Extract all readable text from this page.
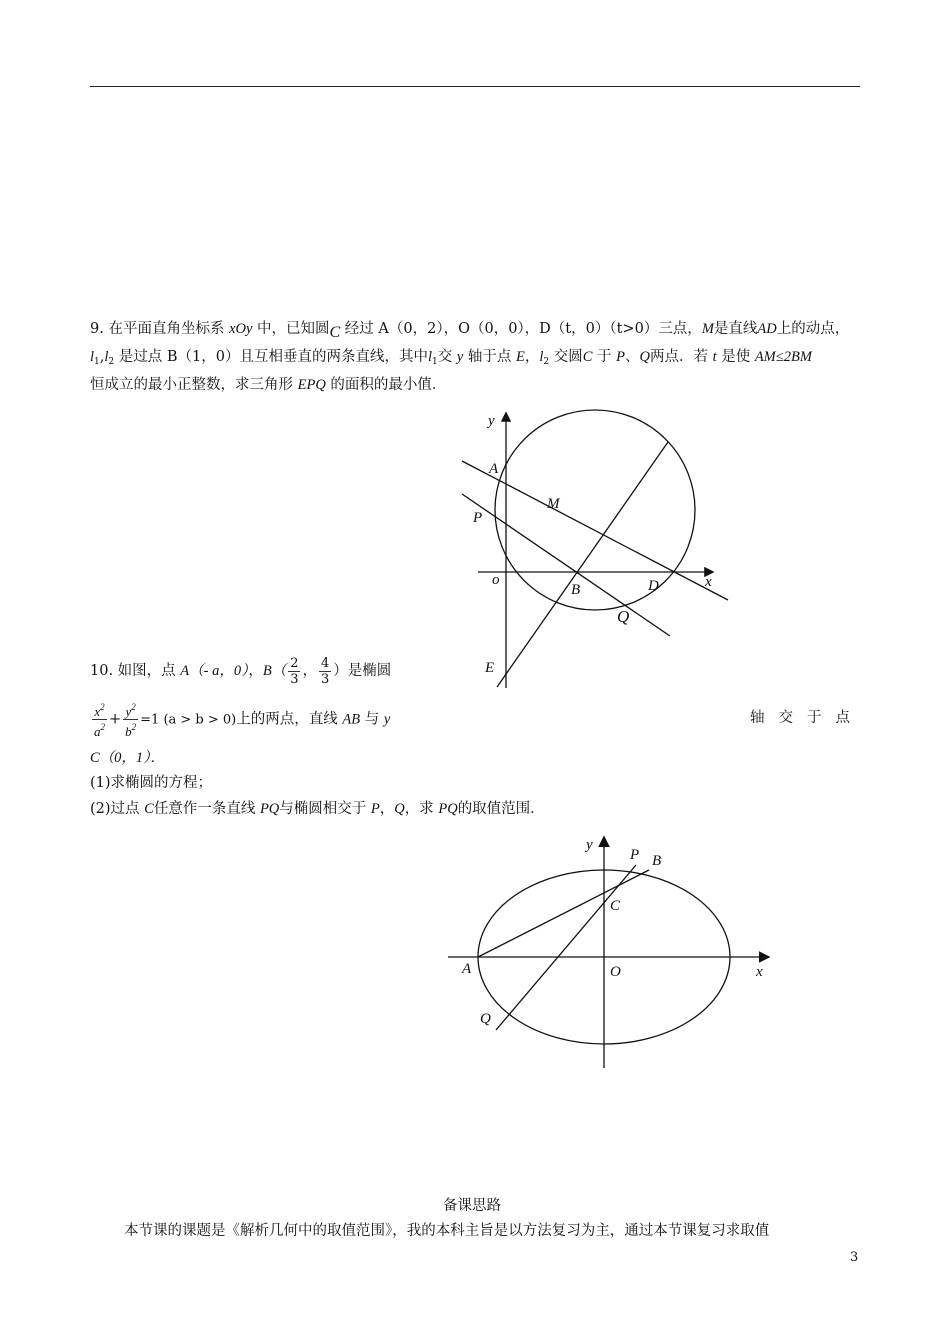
9. 在平面直角坐标系 xOy 中，已知圆C 经过 A（0，2），O（0，0），D（t，0）（t>0）三点，M是直线AD上的动点，
$l_1,l_2$ 是过点 B（1，0）且互相垂直的两条直线，其中$l_1$交 y 轴于点 E，$l_2$ 交圆C 于 P、Q两点．若 t 是使 AM≤2BM
恒成立的最小正整数，求三角形 EPQ 的面积的最小值．
y
x
A
M
P
o
B	D
Q
E
10. 如图，点 A（- a，0），$B( \frac{2}{3}$ ， $\frac{4}{3}$ ）是椭圆
$\frac{x^2}{a^2} + \frac{y^2}{b^2} =1$ (a > b > 0)上的两点，直线 AB 与 y	轴交于点
C（0，1）．
(1)求椭圆的方程；
(2)过点 C任意作一条直线 PQ与椭圆相交于 P，Q，求 PQ的取值范围．
y
P B
C
A	O	x
Q
备课思路
本节课的课题是《解析几何中的取值范围》，我的本科主旨是以方法复习为主，通过本节课复习求取值
3
